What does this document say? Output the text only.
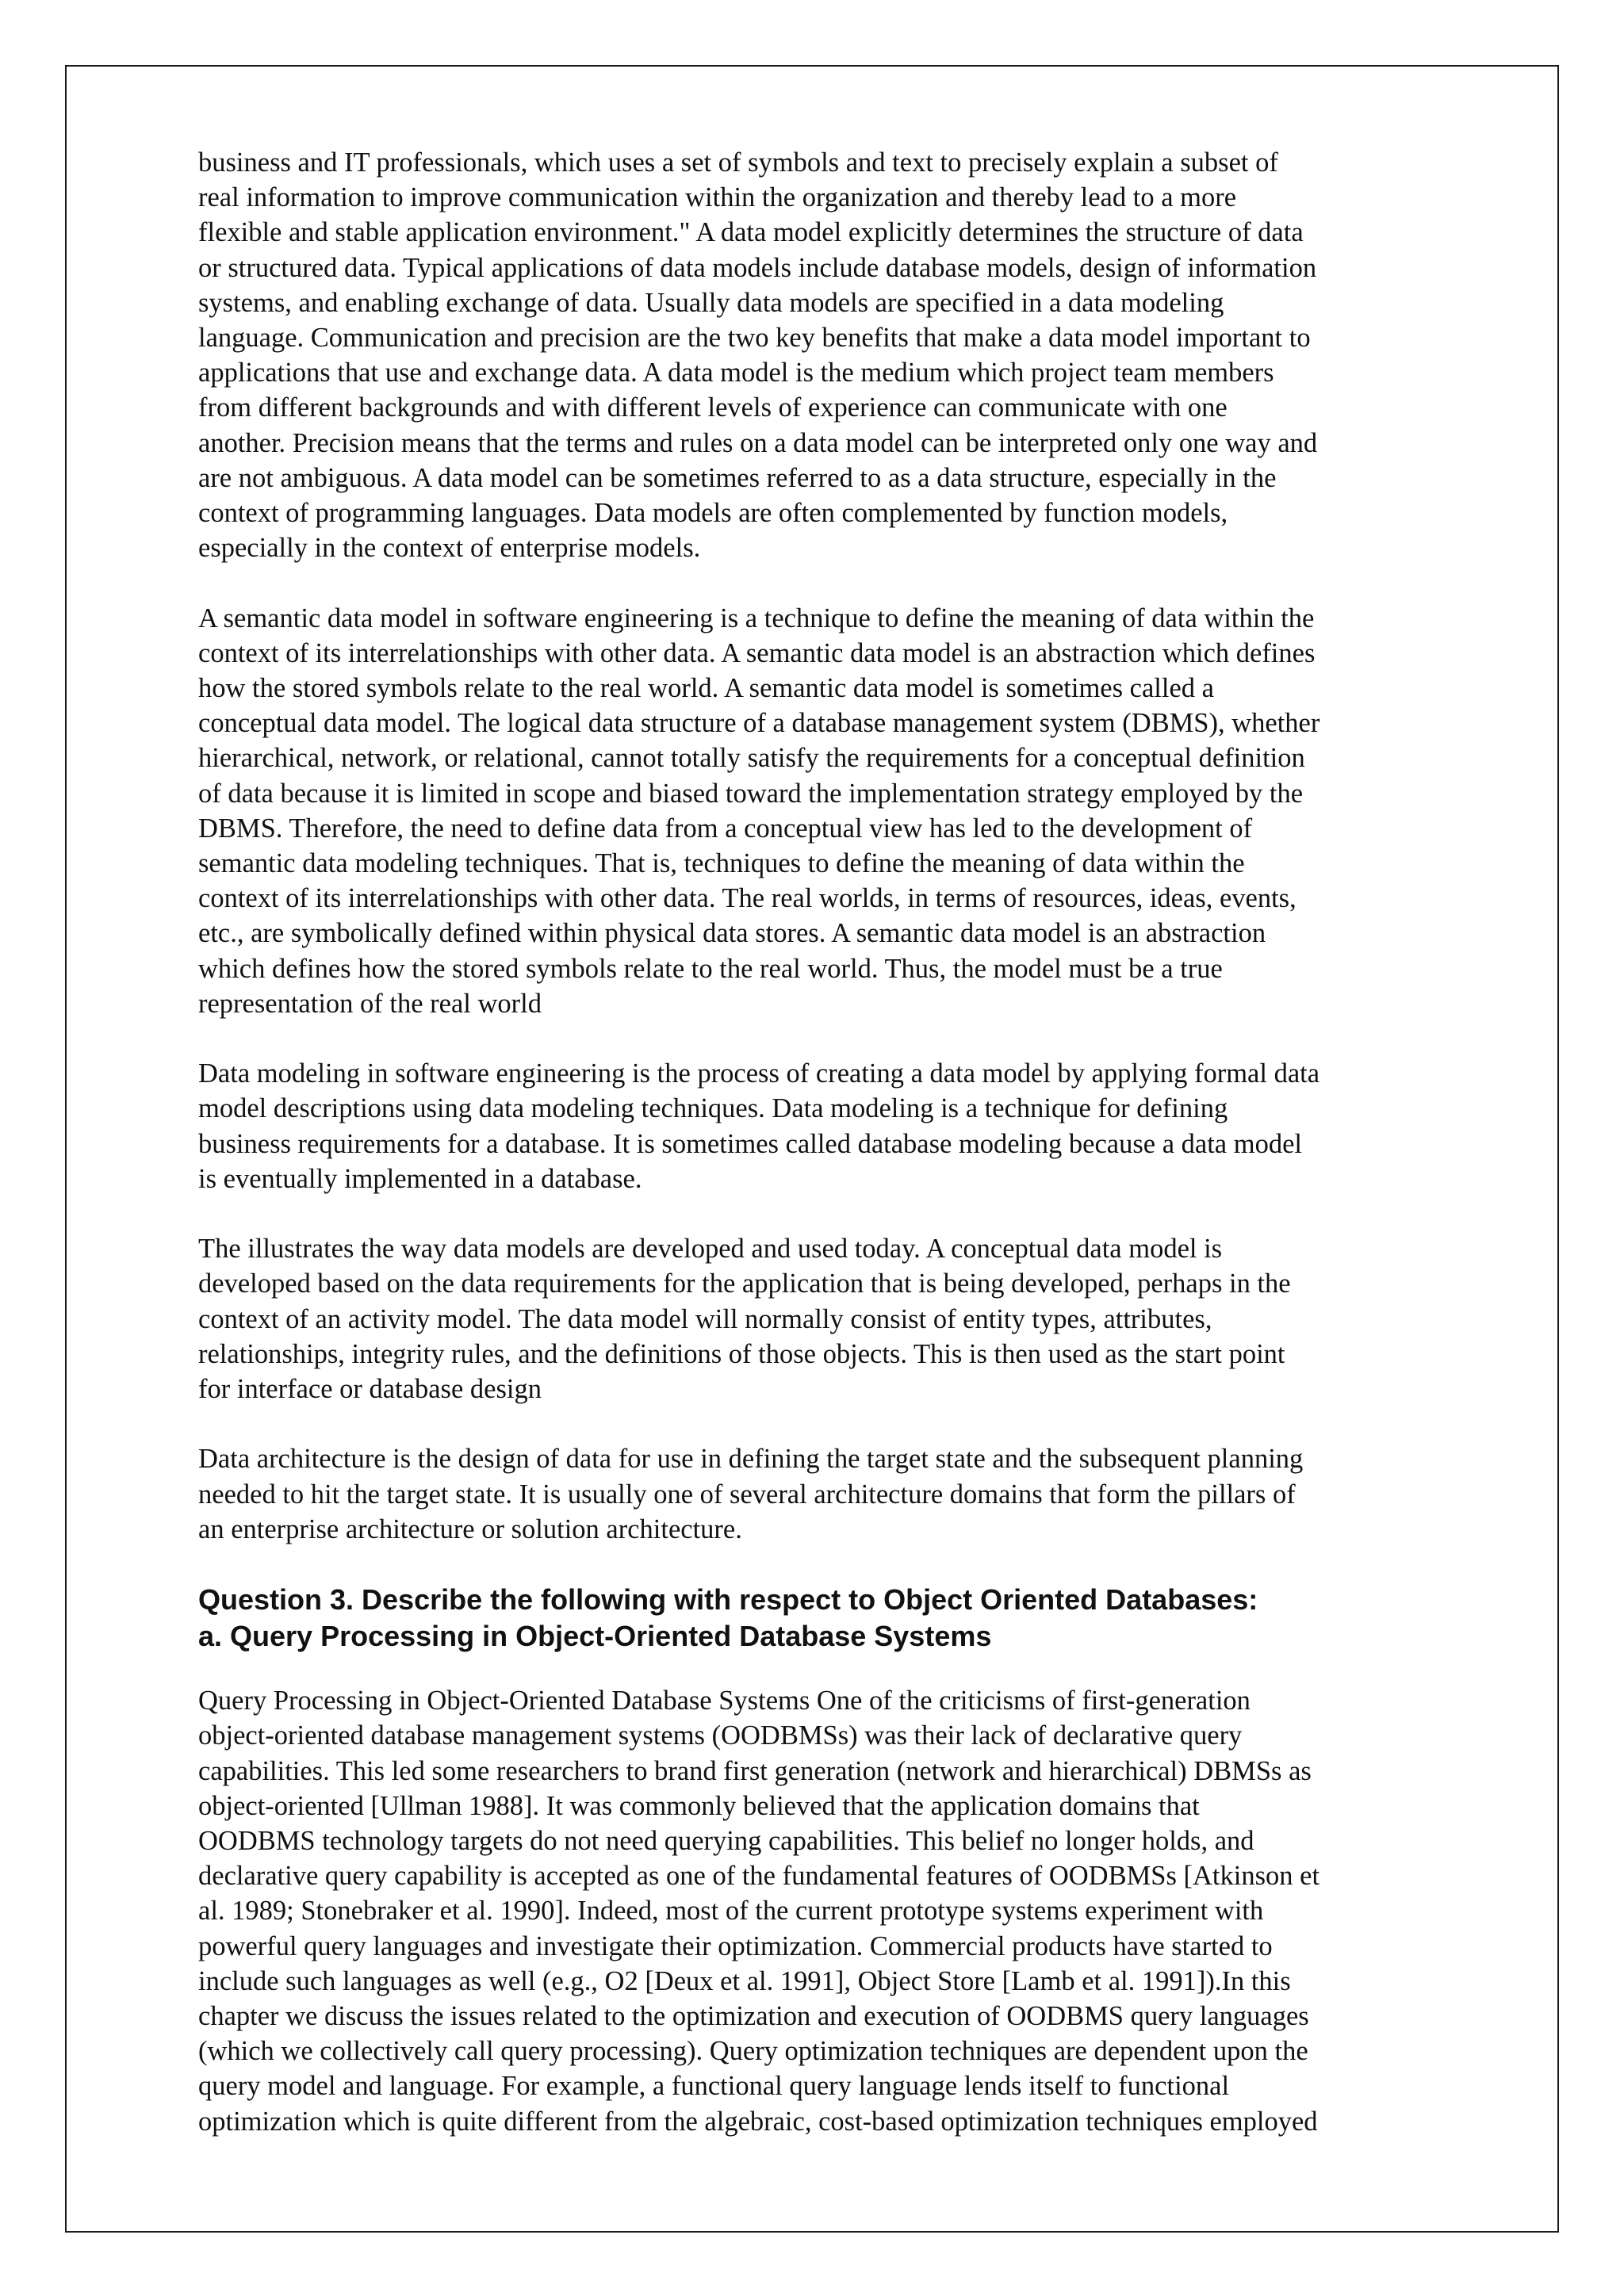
business and IT professionals, which uses a set of symbols and text to precisely explain a subset of
real information to improve communication within the organization and thereby lead to a more
flexible and stable application environment." A data model explicitly determines the structure of data
or structured data. Typical applications of data models include database models, design of information
systems, and enabling exchange of data. Usually data models are specified in a data modeling
language. Communication and precision are the two key benefits that make a data model important to
applications that use and exchange data. A data model is the medium which project team members
from different backgrounds and with different levels of experience can communicate with one
another. Precision means that the terms and rules on a data model can be interpreted only one way and
are not ambiguous. A data model can be sometimes referred to as a data structure, especially in the
context of programming languages. Data models are often complemented by function models,
especially in the context of enterprise models.

A semantic data model in software engineering is a technique to define the meaning of data within the
context of its interrelationships with other data. A semantic data model is an abstraction which defines
how the stored symbols relate to the real world. A semantic data model is sometimes called a
conceptual data model. The logical data structure of a database management system (DBMS), whether
hierarchical, network, or relational, cannot totally satisfy the requirements for a conceptual definition
of data because it is limited in scope and biased toward the implementation strategy employed by the
DBMS. Therefore, the need to define data from a conceptual view has led to the development of
semantic data modeling techniques. That is, techniques to define the meaning of data within the
context of its interrelationships with other data. The real worlds, in terms of resources, ideas, events,
etc., are symbolically defined within physical data stores. A semantic data model is an abstraction
which defines how the stored symbols relate to the real world. Thus, the model must be a true
representation of the real world

Data modeling in software engineering is the process of creating a data model by applying formal data
model descriptions using data modeling techniques. Data modeling is a technique for defining
business requirements for a database. It is sometimes called database modeling because a data model
is eventually implemented in a database.

The illustrates the way data models are developed and used today. A conceptual data model is
developed based on the data requirements for the application that is being developed, perhaps in the
context of an activity model. The data model will normally consist of entity types, attributes,
relationships, integrity rules, and the definitions of those objects. This is then used as the start point
for interface or database design

Data architecture is the design of data for use in defining the target state and the subsequent planning
needed to hit the target state. It is usually one of several architecture domains that form the pillars of
an enterprise architecture or solution architecture.

Question 3. Describe the following with respect to Object Oriented Databases:
a. Query Processing in Object-Oriented Database Systems

Query Processing in Object-Oriented Database Systems One of the criticisms of first-generation
object-oriented database management systems (OODBMSs) was their lack of declarative query
capabilities. This led some researchers to brand first generation (network and hierarchical) DBMSs as
object-oriented [Ullman 1988]. It was commonly believed that the application domains that
OODBMS technology targets do not need querying capabilities. This belief no longer holds, and
declarative query capability is accepted as one of the fundamental features of OODBMSs [Atkinson et
al. 1989; Stonebraker et al. 1990]. Indeed, most of the current prototype systems experiment with
powerful query languages and investigate their optimization. Commercial products have started to
include such languages as well (e.g., O2 [Deux et al. 1991], Object Store [Lamb et al. 1991]).In this
chapter we discuss the issues related to the optimization and execution of OODBMS query languages
(which we collectively call query processing). Query optimization techniques are dependent upon the
query model and language. For example, a functional query language lends itself to functional
optimization which is quite different from the algebraic, cost-based optimization techniques employed
